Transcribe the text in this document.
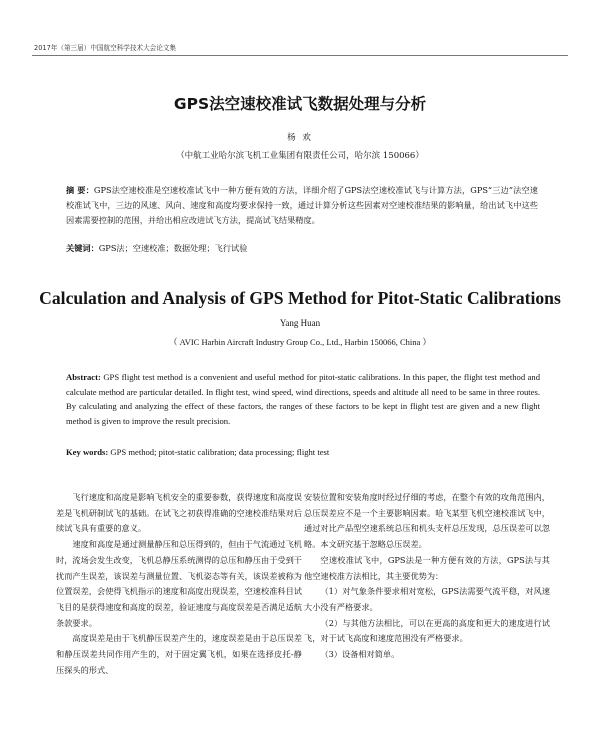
2017年（第三届）中国航空科学技术大会论文集
GPS法空速校准试飞数据处理与分析
杨 欢
（中航工业哈尔滨飞机工业集团有限责任公司，哈尔滨 150066）
摘 要：GPS法空速校准是空速校准试飞中一种方便有效的方法，详细介绍了GPS法空速校准试飞与计算方法，GPS“三边”法空速校准试飞中，三边的风速、风向、速度和高度均要求保持一致，通过计算分析这些因素对空速校准结果的影响量，给出试飞中这些因素需要控制的范围，并给出相应改进试飞方法，提高试飞结果精度。
关键词：GPS法；空速校准；数据处理；飞行试验
Calculation and Analysis of GPS Method for Pitot-Static Calibrations
Yang Huan
（ AVIC Harbin Aircraft Industry Group Co., Ltd., Harbin 150066, China ）
Abstract: GPS flight test method is a convenient and useful method for pitot-static calibrations. In this paper, the flight test method and calculate method are particular detailed. In flight test, wind speed, wind directions, speeds and altitude all need to be same in three routes. By calculating and analyzing the effect of these factors, the ranges of these factors to be kept in flight test are given and a new flight method is given to improve the result precision.
Key words: GPS method; pitot-static calibration; data processing; flight test

飞行速度和高度是影响飞机安全的重要参数，获得速度和高度误差是飞机研制试飞的基础。在试飞之初获得准确的空速校准结果对后续试飞具有重要的意义。

速度和高度是通过测量静压和总压得到的，但由于气流通过飞机时，流场会发生改变，飞机总静压系统测得的总压和静压由于受到干扰而产生误差，该误差与测量位置、飞机姿态等有关，该误差被称为位置误差，会使得飞机指示的速度和高度出现误差，空速校准科目试飞目的是获得速度和高度的误差，验证速度与高度误差是否满足适航条款要求。

高度误差是由于飞机静压误差产生的，速度误差是由于总压误差和静压误差共同作用产生的，对于固定翼飞机，如果在选择皮托-静压探头的形式、

安装位置和安装角度时经过仔细的考虑，在整个有效的攻角范围内，总压误差应不是一个主要影响因素。哈飞某型飞机空速校准试飞中，通过对比产品型空速系统总压和机头支杆总压发现，总压误差可以忽略。本文研究基于忽略总压误差。

空速校准试飞中，GPS法是一种方便有效的方法，GPS法与其他空速校准方法相比，其主要优势为：

（1）对气象条件要求相对宽松，GPS法需要气流平稳，对风速大小没有严格要求。

（2）与其他方法相比，可以在更高的高度和更大的速度进行试飞，对于试飞高度和速度范围没有严格要求。

（3）设备相对简单。
